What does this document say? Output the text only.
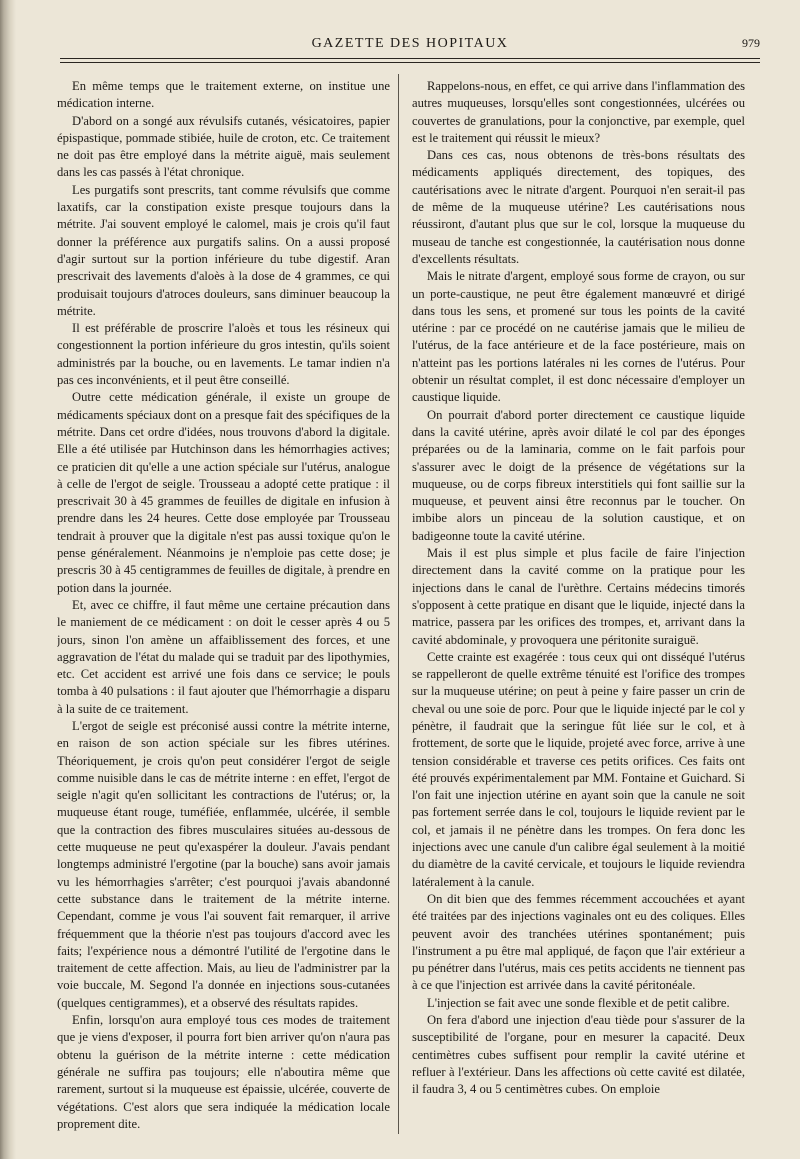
GAZETTE DES HOPITAUX	979

En même temps que le traitement externe, on institue une médication interne.

D'abord on a songé aux révulsifs cutanés, vésicatoires, papier épispastique, pommade stibiée, huile de croton, etc. Ce traitement ne doit pas être employé dans la métrite aiguë, mais seulement dans les cas passés à l'état chronique.

Les purgatifs sont prescrits, tant comme révulsifs que comme laxatifs, car la constipation existe presque toujours dans la métrite. J'ai souvent employé le calomel, mais je crois qu'il faut donner la préférence aux purgatifs salins. On a aussi proposé d'agir surtout sur la portion inférieure du tube digestif. Aran prescrivait des lavements d'aloès à la dose de 4 grammes, ce qui produisait toujours d'atroces douleurs, sans diminuer beaucoup la métrite.

Il est préférable de proscrire l'aloès et tous les résineux qui congestionnent la portion inférieure du gros intestin, qu'ils soient administrés par la bouche, ou en lavements. Le tamar indien n'a pas ces inconvénients, et il peut être conseillé.

Outre cette médication générale, il existe un groupe de médicaments spéciaux dont on a presque fait des spécifiques de la métrite. Dans cet ordre d'idées, nous trouvons d'abord la digitale. Elle a été utilisée par Hutchinson dans les hémorrhagies actives; ce praticien dit qu'elle a une action spéciale sur l'utérus, analogue à celle de l'ergot de seigle. Trousseau a adopté cette pratique : il prescrivait 30 à 45 grammes de feuilles de digitale en infusion à prendre dans les 24 heures. Cette dose employée par Trousseau tendrait à prouver que la digitale n'est pas aussi toxique qu'on le pense généralement. Néanmoins je n'emploie pas cette dose; je prescris 30 à 45 centigrammes de feuilles de digitale, à prendre en potion dans la journée.

Et, avec ce chiffre, il faut même une certaine précaution dans le maniement de ce médicament : on doit le cesser après 4 ou 5 jours, sinon l'on amène un affaiblissement des forces, et une aggravation de l'état du malade qui se traduit par des lipothymies, etc. Cet accident est arrivé une fois dans ce service; le pouls tomba à 40 pulsations : il faut ajouter que l'hémorrhagie a disparu à la suite de ce traitement.

L'ergot de seigle est préconisé aussi contre la métrite interne, en raison de son action spéciale sur les fibres utérines. Théoriquement, je crois qu'on peut considérer l'ergot de seigle comme nuisible dans le cas de métrite interne : en effet, l'ergot de seigle n'agit qu'en sollicitant les contractions de l'utérus; or, la muqueuse étant rouge, tuméfiée, enflammée, ulcérée, il semble que la contraction des fibres musculaires situées au-dessous de cette muqueuse ne peut qu'exaspérer la douleur. J'avais pendant longtemps administré l'ergotine (par la bouche) sans avoir jamais vu les hémorrhagies s'arrêter; c'est pourquoi j'avais abandonné cette substance dans le traitement de la métrite interne. Cependant, comme je vous l'ai souvent fait remarquer, il arrive fréquemment que la théorie n'est pas toujours d'accord avec les faits; l'expérience nous a démontré l'utilité de l'ergotine dans le traitement de cette affection. Mais, au lieu de l'administrer par la voie buccale, M. Segond l'a donnée en injections sous-cutanées (quelques centigrammes), et a observé des résultats rapides.

Enfin, lorsqu'on aura employé tous ces modes de traitement que je viens d'exposer, il pourra fort bien arriver qu'on n'aura pas obtenu la guérison de la métrite interne : cette médication générale ne suffira pas toujours; elle n'aboutira même que rarement, surtout si la muqueuse est épaissie, ulcérée, couverte de végétations. C'est alors que sera indiquée la médication locale proprement dite.

Rappelons-nous, en effet, ce qui arrive dans l'inflammation des autres muqueuses, lorsqu'elles sont congestionnées, ulcérées ou couvertes de granulations, pour la conjonctive, par exemple, quel est le traitement qui réussit le mieux?

Dans ces cas, nous obtenons de très-bons résultats des médicaments appliqués directement, des topiques, des cautérisations avec le nitrate d'argent. Pourquoi n'en serait-il pas de même de la muqueuse utérine? Les cautérisations nous réussiront, d'autant plus que sur le col, lorsque la muqueuse du museau de tanche est congestionnée, la cautérisation nous donne d'excellents résultats.

Mais le nitrate d'argent, employé sous forme de crayon, ou sur un porte-caustique, ne peut être également manœuvré et dirigé dans tous les sens, et promené sur tous les points de la cavité utérine : par ce procédé on ne cautérise jamais que le milieu de l'utérus, de la face antérieure et de la face postérieure, mais on n'atteint pas les portions latérales ni les cornes de l'utérus. Pour obtenir un résultat complet, il est donc nécessaire d'employer un caustique liquide.

On pourrait d'abord porter directement ce caustique liquide dans la cavité utérine, après avoir dilaté le col par des éponges préparées ou de la laminaria, comme on le fait parfois pour s'assurer avec le doigt de la présence de végétations sur la muqueuse, ou de corps fibreux interstitiels qui font saillie sur la muqueuse, et peuvent ainsi être reconnus par le toucher. On imbibe alors un pinceau de la solution caustique, et on badigeonne toute la cavité utérine.

Mais il est plus simple et plus facile de faire l'injection directement dans la cavité comme on la pratique pour les injections dans le canal de l'urèthre. Certains médecins timorés s'opposent à cette pratique en disant que le liquide, injecté dans la matrice, passera par les orifices des trompes, et, arrivant dans la cavité abdominale, y provoquera une péritonite suraiguë.

Cette crainte est exagérée : tous ceux qui ont disséqué l'utérus se rappelleront de quelle extrême ténuité est l'orifice des trompes sur la muqueuse utérine; on peut à peine y faire passer un crin de cheval ou une soie de porc. Pour que le liquide injecté par le col y pénètre, il faudrait que la seringue fût liée sur le col, et à frottement, de sorte que le liquide, projeté avec force, arrive à une tension considérable et traverse ces petits orifices. Ces faits ont été prouvés expérimentalement par MM. Fontaine et Guichard. Si l'on fait une injection utérine en ayant soin que la canule ne soit pas fortement serrée dans le col, toujours le liquide revient par le col, et jamais il ne pénètre dans les trompes. On fera donc les injections avec une canule d'un calibre égal seulement à la moitié du diamètre de la cavité cervicale, et toujours le liquide reviendra latéralement à la canule.

On dit bien que des femmes récemment accouchées et ayant été traitées par des injections vaginales ont eu des coliques. Elles peuvent avoir des tranchées utérines spontanément; puis l'instrument a pu être mal appliqué, de façon que l'air extérieur a pu pénétrer dans l'utérus, mais ces petits accidents ne tiennent pas à ce que l'injection est arrivée dans la cavité péritonéale.

L'injection se fait avec une sonde flexible et de petit calibre.

On fera d'abord une injection d'eau tiède pour s'assurer de la susceptibilité de l'organe, pour en mesurer la capacité. Deux centimètres cubes suffisent pour remplir la cavité utérine et refluer à l'extérieur. Dans les affections où cette cavité est dilatée, il faudra 3, 4 ou 5 centimètres cubes. On emploie
